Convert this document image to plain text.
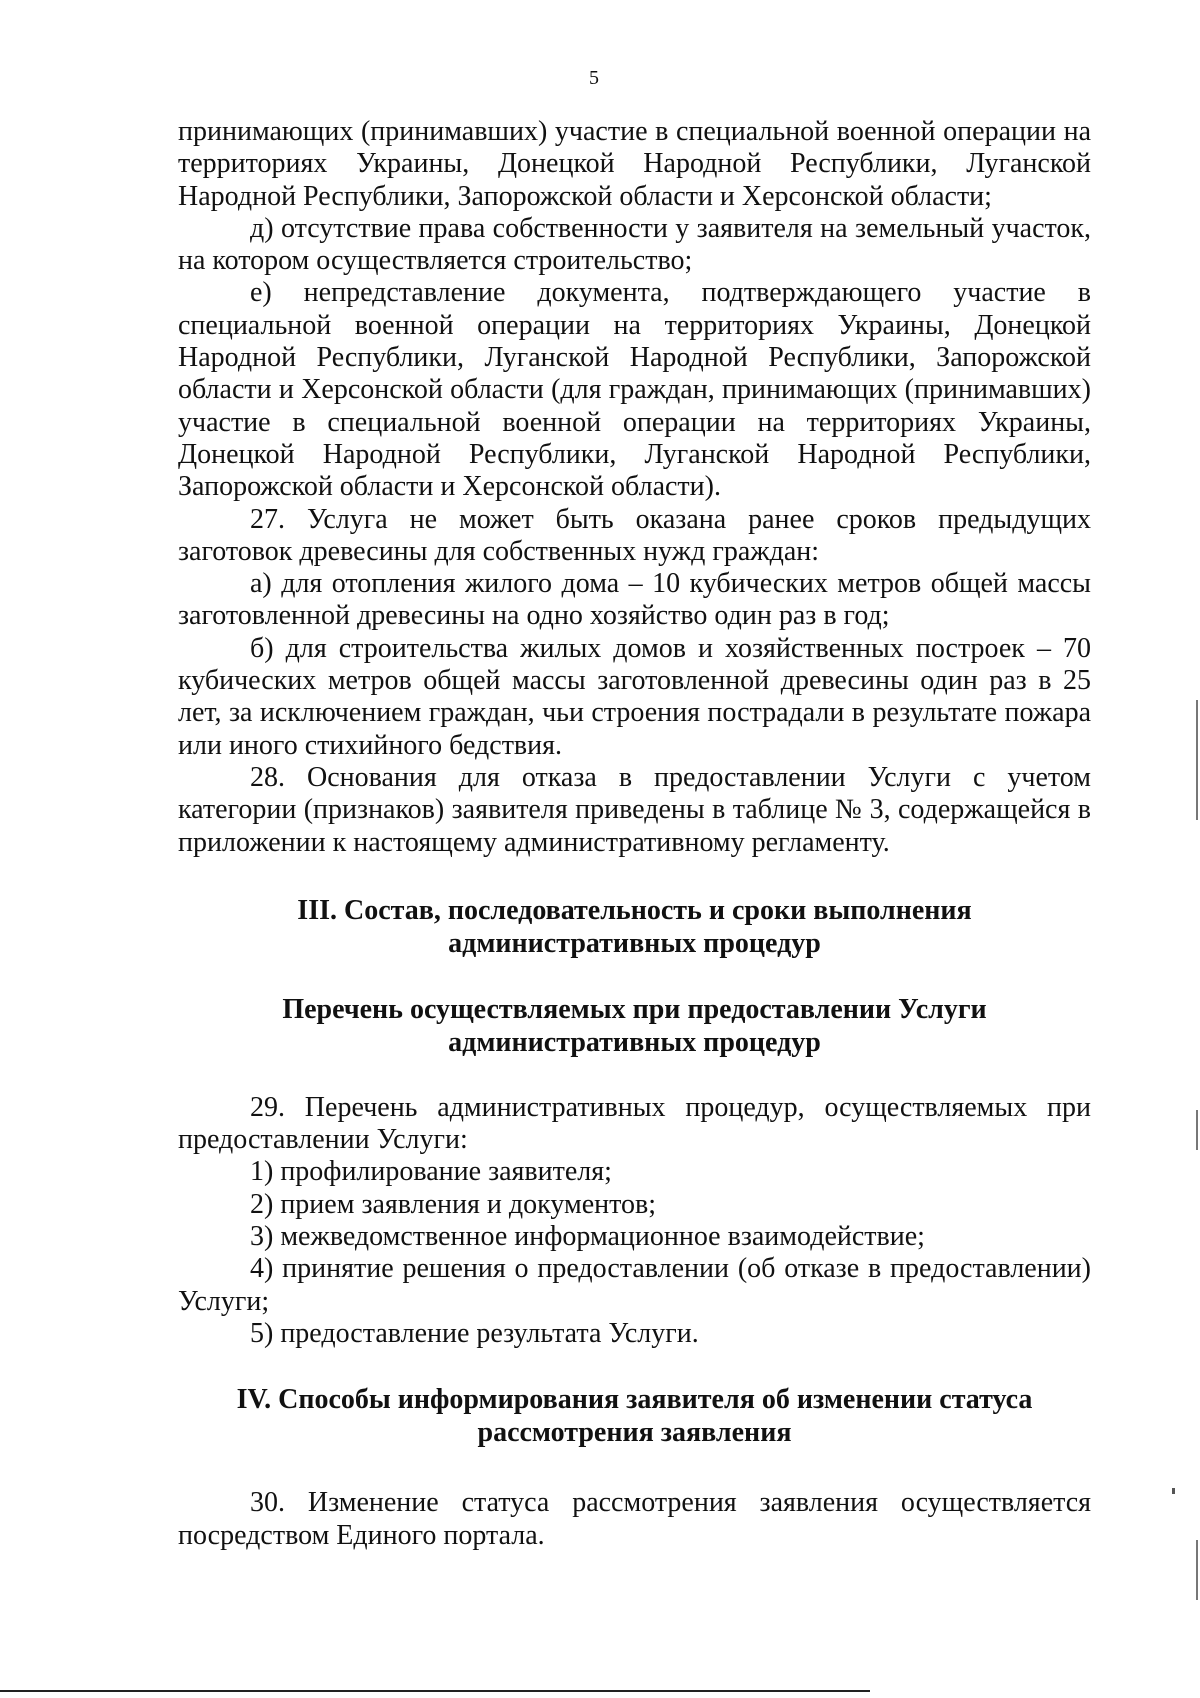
5

принимающих (принимавших) участие в специальной военной операции на территориях Украины, Донецкой Народной Республики, Луганской Народной Республики, Запорожской области и Херсонской области;

д) отсутствие права собственности у заявителя на земельный участок, на котором осуществляется строительство;

е) непредставление документа, подтверждающего участие в специальной военной операции на территориях Украины, Донецкой Народной Республики, Луганской Народной Республики, Запорожской области и Херсонской области (для граждан, принимающих (принимавших) участие в специальной военной операции на территориях Украины, Донецкой Народной Республики, Луганской Народной Республики, Запорожской области и Херсонской области).

27. Услуга не может быть оказана ранее сроков предыдущих заготовок древесины для собственных нужд граждан:

а) для отопления жилого дома – 10 кубических метров общей массы заготовленной древесины на одно хозяйство один раз в год;

б) для строительства жилых домов и хозяйственных построек – 70 кубических метров общей массы заготовленной древесины один раз в 25 лет, за исключением граждан, чьи строения пострадали в результате пожара или иного стихийного бедствия.

28. Основания для отказа в предоставлении Услуги с учетом категории (признаков) заявителя приведены в таблице № 3, содержащейся в приложении к настоящему административному регламенту.

III. Состав, последовательность и сроки выполнения

административных процедур

Перечень осуществляемых при предоставлении Услуги

административных процедур

29. Перечень административных процедур, осуществляемых при предоставлении Услуги:

1) профилирование заявителя;

2) прием заявления и документов;

3) межведомственное информационное взаимодействие;

4) принятие решения о предоставлении (об отказе в предоставлении) Услуги;

5) предоставление результата Услуги.

IV. Способы информирования заявителя об изменении статуса

рассмотрения заявления

30. Изменение статуса рассмотрения заявления осуществляется посредством Единого портала.
